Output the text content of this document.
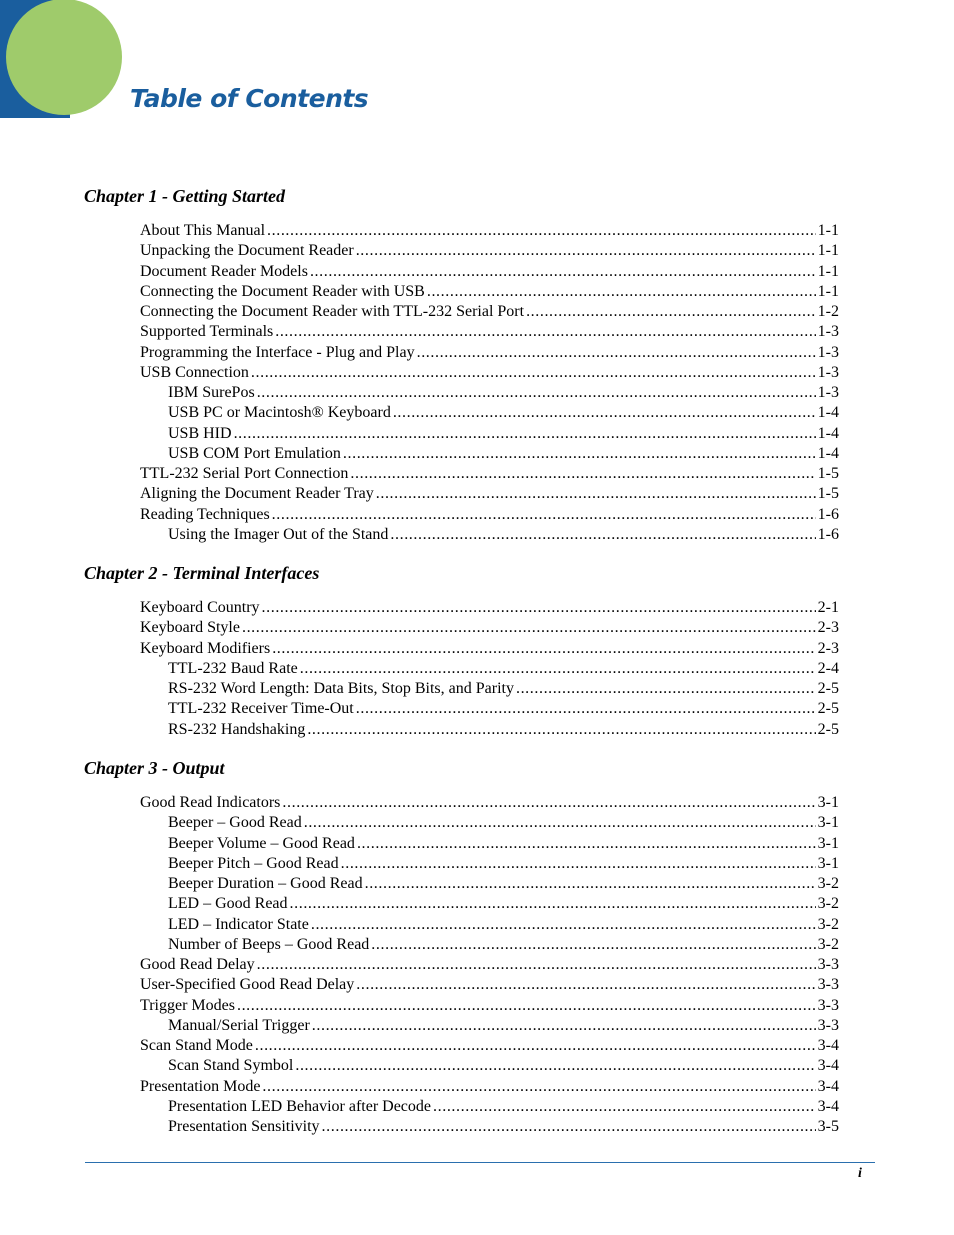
Table of Contents
Chapter 1 - Getting Started
About This Manual .....	1-1
Unpacking the Document Reader .....	1-1
Document Reader Models .....	1-1
Connecting the Document Reader with USB .....	1-1
Connecting the Document Reader with TTL-232 Serial Port .....	1-2
Supported Terminals .....	1-3
Programming the Interface - Plug and Play .....	1-3
USB Connection .....	1-3
IBM SurePos .....	1-3
USB PC or Macintosh® Keyboard .....	1-4
USB HID .....	1-4
USB COM Port Emulation .....	1-4
TTL-232 Serial Port Connection .....	1-5
Aligning the Document Reader Tray .....	1-5
Reading Techniques .....	1-6
Using the Imager Out of the Stand .....	1-6
Chapter 2 - Terminal Interfaces
Keyboard Country .....	2-1
Keyboard Style .....	2-3
Keyboard Modifiers .....	2-3
TTL-232 Baud Rate .....	2-4
RS-232 Word Length: Data Bits, Stop Bits, and Parity .....	2-5
TTL-232 Receiver Time-Out .....	2-5
RS-232 Handshaking .....	2-5
Chapter 3 - Output
Good Read Indicators .....	3-1
Beeper – Good Read .....	3-1
Beeper Volume – Good Read .....	3-1
Beeper Pitch – Good Read .....	3-1
Beeper Duration – Good Read .....	3-2
LED – Good Read .....	3-2
LED – Indicator State .....	3-2
Number of Beeps – Good Read .....	3-2
Good Read Delay .....	3-3
User-Specified Good Read Delay .....	3-3
Trigger Modes .....	3-3
Manual/Serial Trigger .....	3-3
Scan Stand Mode .....	3-4
Scan Stand Symbol .....	3-4
Presentation Mode .....	3-4
Presentation LED Behavior after Decode .....	3-4
Presentation Sensitivity .....	3-5
i
